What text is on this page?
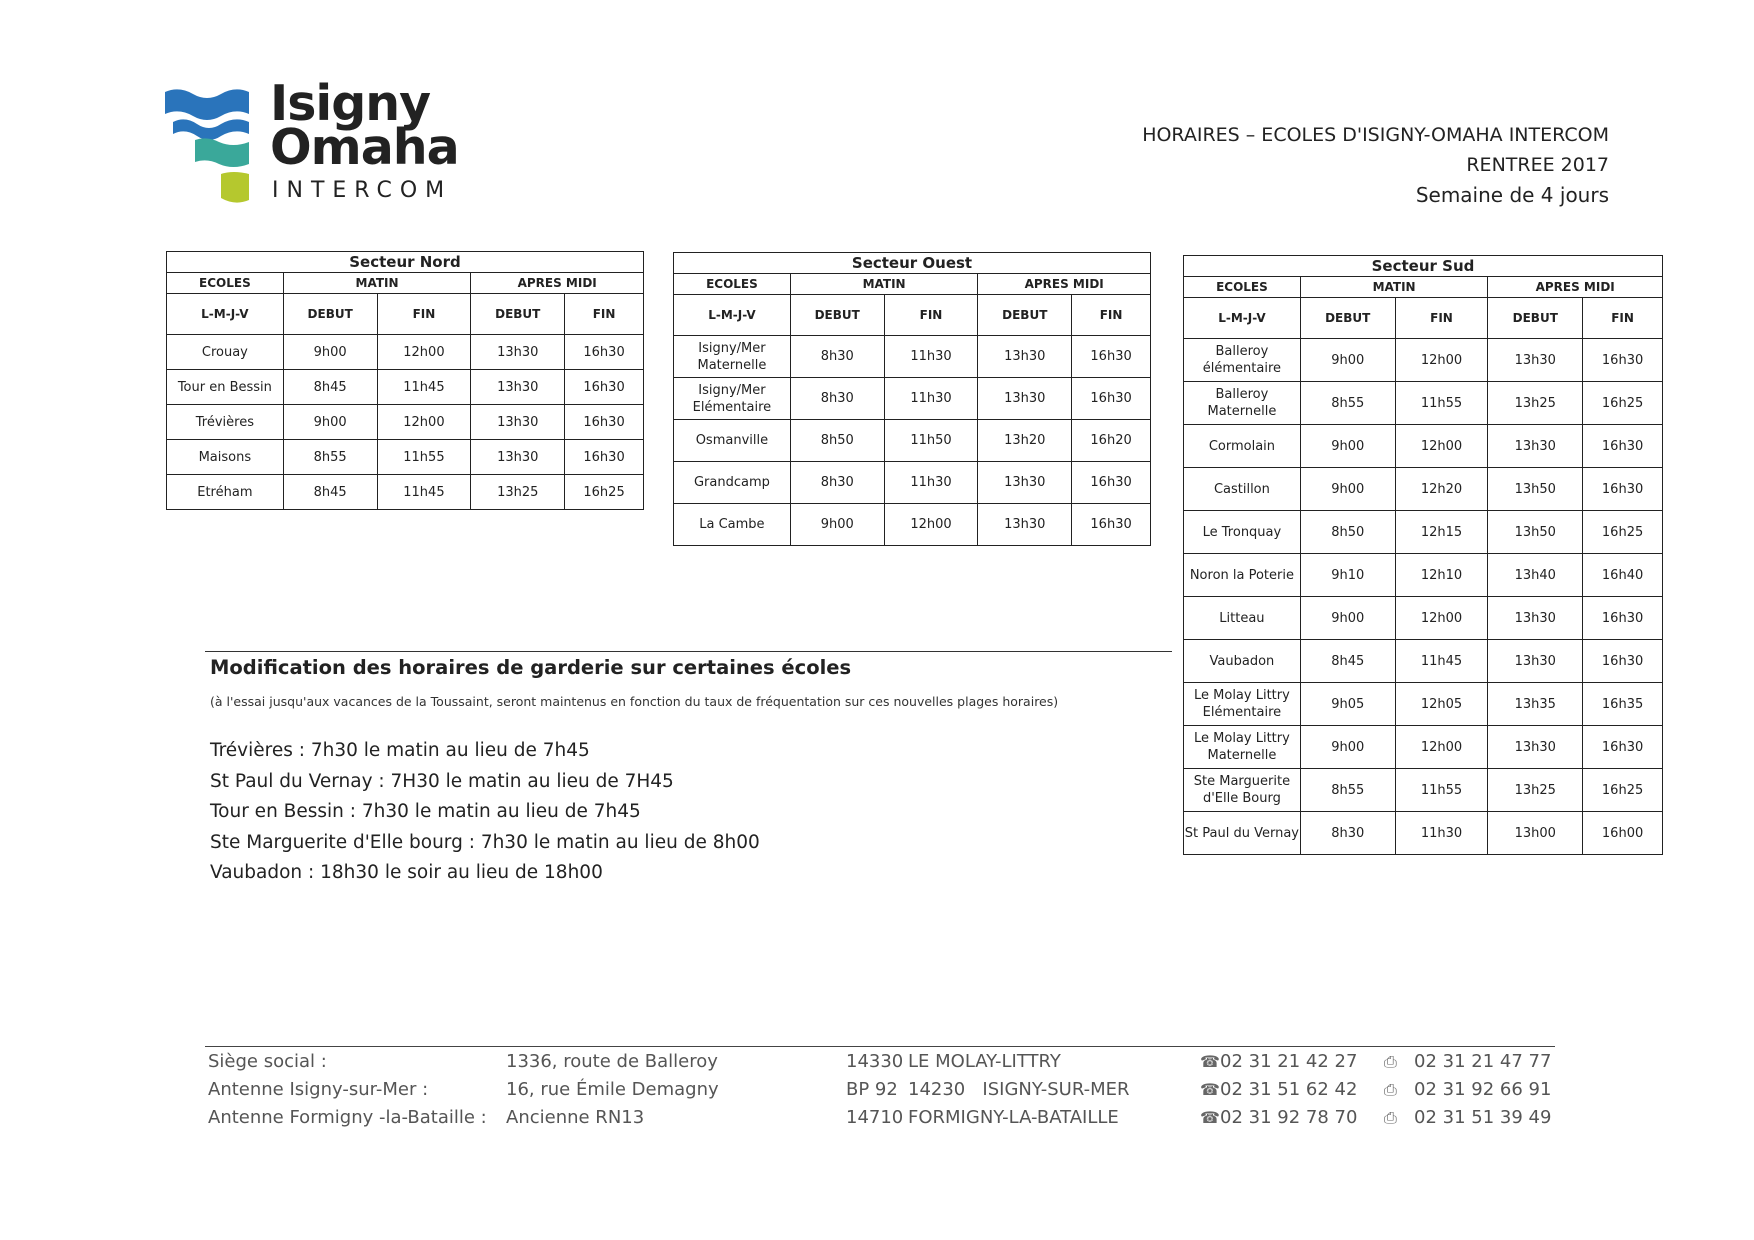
Isigny
Omaha
INTERCOM
HORAIRES – ECOLES D'ISIGNY-OMAHA INTERCOM
RENTREE 2017
Semaine de 4 jours
Secteur Nord				
ECOLES	MATIN		APRES MIDI	
L-M-J-V	DEBUT	FIN	DEBUT	FIN
Crouay	9h00	12h00	13h30	16h30
Tour en Bessin	8h45	11h45	13h30	16h30
Trévières	9h00	12h00	13h30	16h30
Maisons	8h55	11h55	13h30	16h30
Etréham	8h45	11h45	13h25	16h25
Secteur Ouest				
ECOLES	MATIN		APRES MIDI	
L-M-J-V	DEBUT	FIN	DEBUT	FIN
Isigny/Mer Maternelle	8h30	11h30	13h30	16h30
Isigny/Mer Elémentaire	8h30	11h30	13h30	16h30
Osmanville	8h50	11h50	13h20	16h20
Grandcamp	8h30	11h30	13h30	16h30
La Cambe	9h00	12h00	13h30	16h30
Secteur Sud				
ECOLES	MATIN		APRES MIDI	
L-M-J-V	DEBUT	FIN	DEBUT	FIN
Balleroy élémentaire	9h00	12h00	13h30	16h30
Balleroy Maternelle	8h55	11h55	13h25	16h25
Cormolain	9h00	12h00	13h30	16h30
Castillon	9h00	12h20	13h50	16h30
Le Tronquay	8h50	12h15	13h50	16h25
Noron la Poterie	9h10	12h10	13h40	16h40
Litteau	9h00	12h00	13h30	16h30
Vaubadon	8h45	11h45	13h30	16h30
Le Molay Littry Elémentaire	9h05	12h05	13h35	16h35
Le Molay Littry Maternelle	9h00	12h00	13h30	16h30
Ste Marguerite d'Elle Bourg	8h55	11h55	13h25	16h25
St Paul du Vernay	8h30	11h30	13h00	16h00
Modification des horaires de garderie sur certaines écoles
(à l'essai jusqu'aux vacances de la Toussaint, seront maintenus en fonction du taux de fréquentation sur ces nouvelles plages horaires)
Trévières : 7h30 le matin au lieu de 7h45
St Paul du Vernay : 7H30 le matin au lieu de 7H45
Tour en Bessin : 7h30 le matin au lieu de 7h45
Ste Marguerite d'Elle bourg : 7h30 le matin au lieu de 8h00
Vaubadon : 18h30 le soir au lieu de 18h00
Siège social :	1336, route de Balleroy	14330 LE MOLAY-LITTRY	☎ 02 31 21 42 27 ⎙ 02 31 21 47 77
Antenne Isigny-sur-Mer :	16, rue Émile Demagny	BP 92 14230   ISIGNY-SUR-MER	☎ 02 31 51 62 42 ⎙ 02 31 92 66 91
Antenne Formigny -la-Bataille : Ancienne RN13	14710 FORMIGNY-LA-BATAILLE	☎ 02 31 92 78 70 ⎙ 02 31 51 39 49
